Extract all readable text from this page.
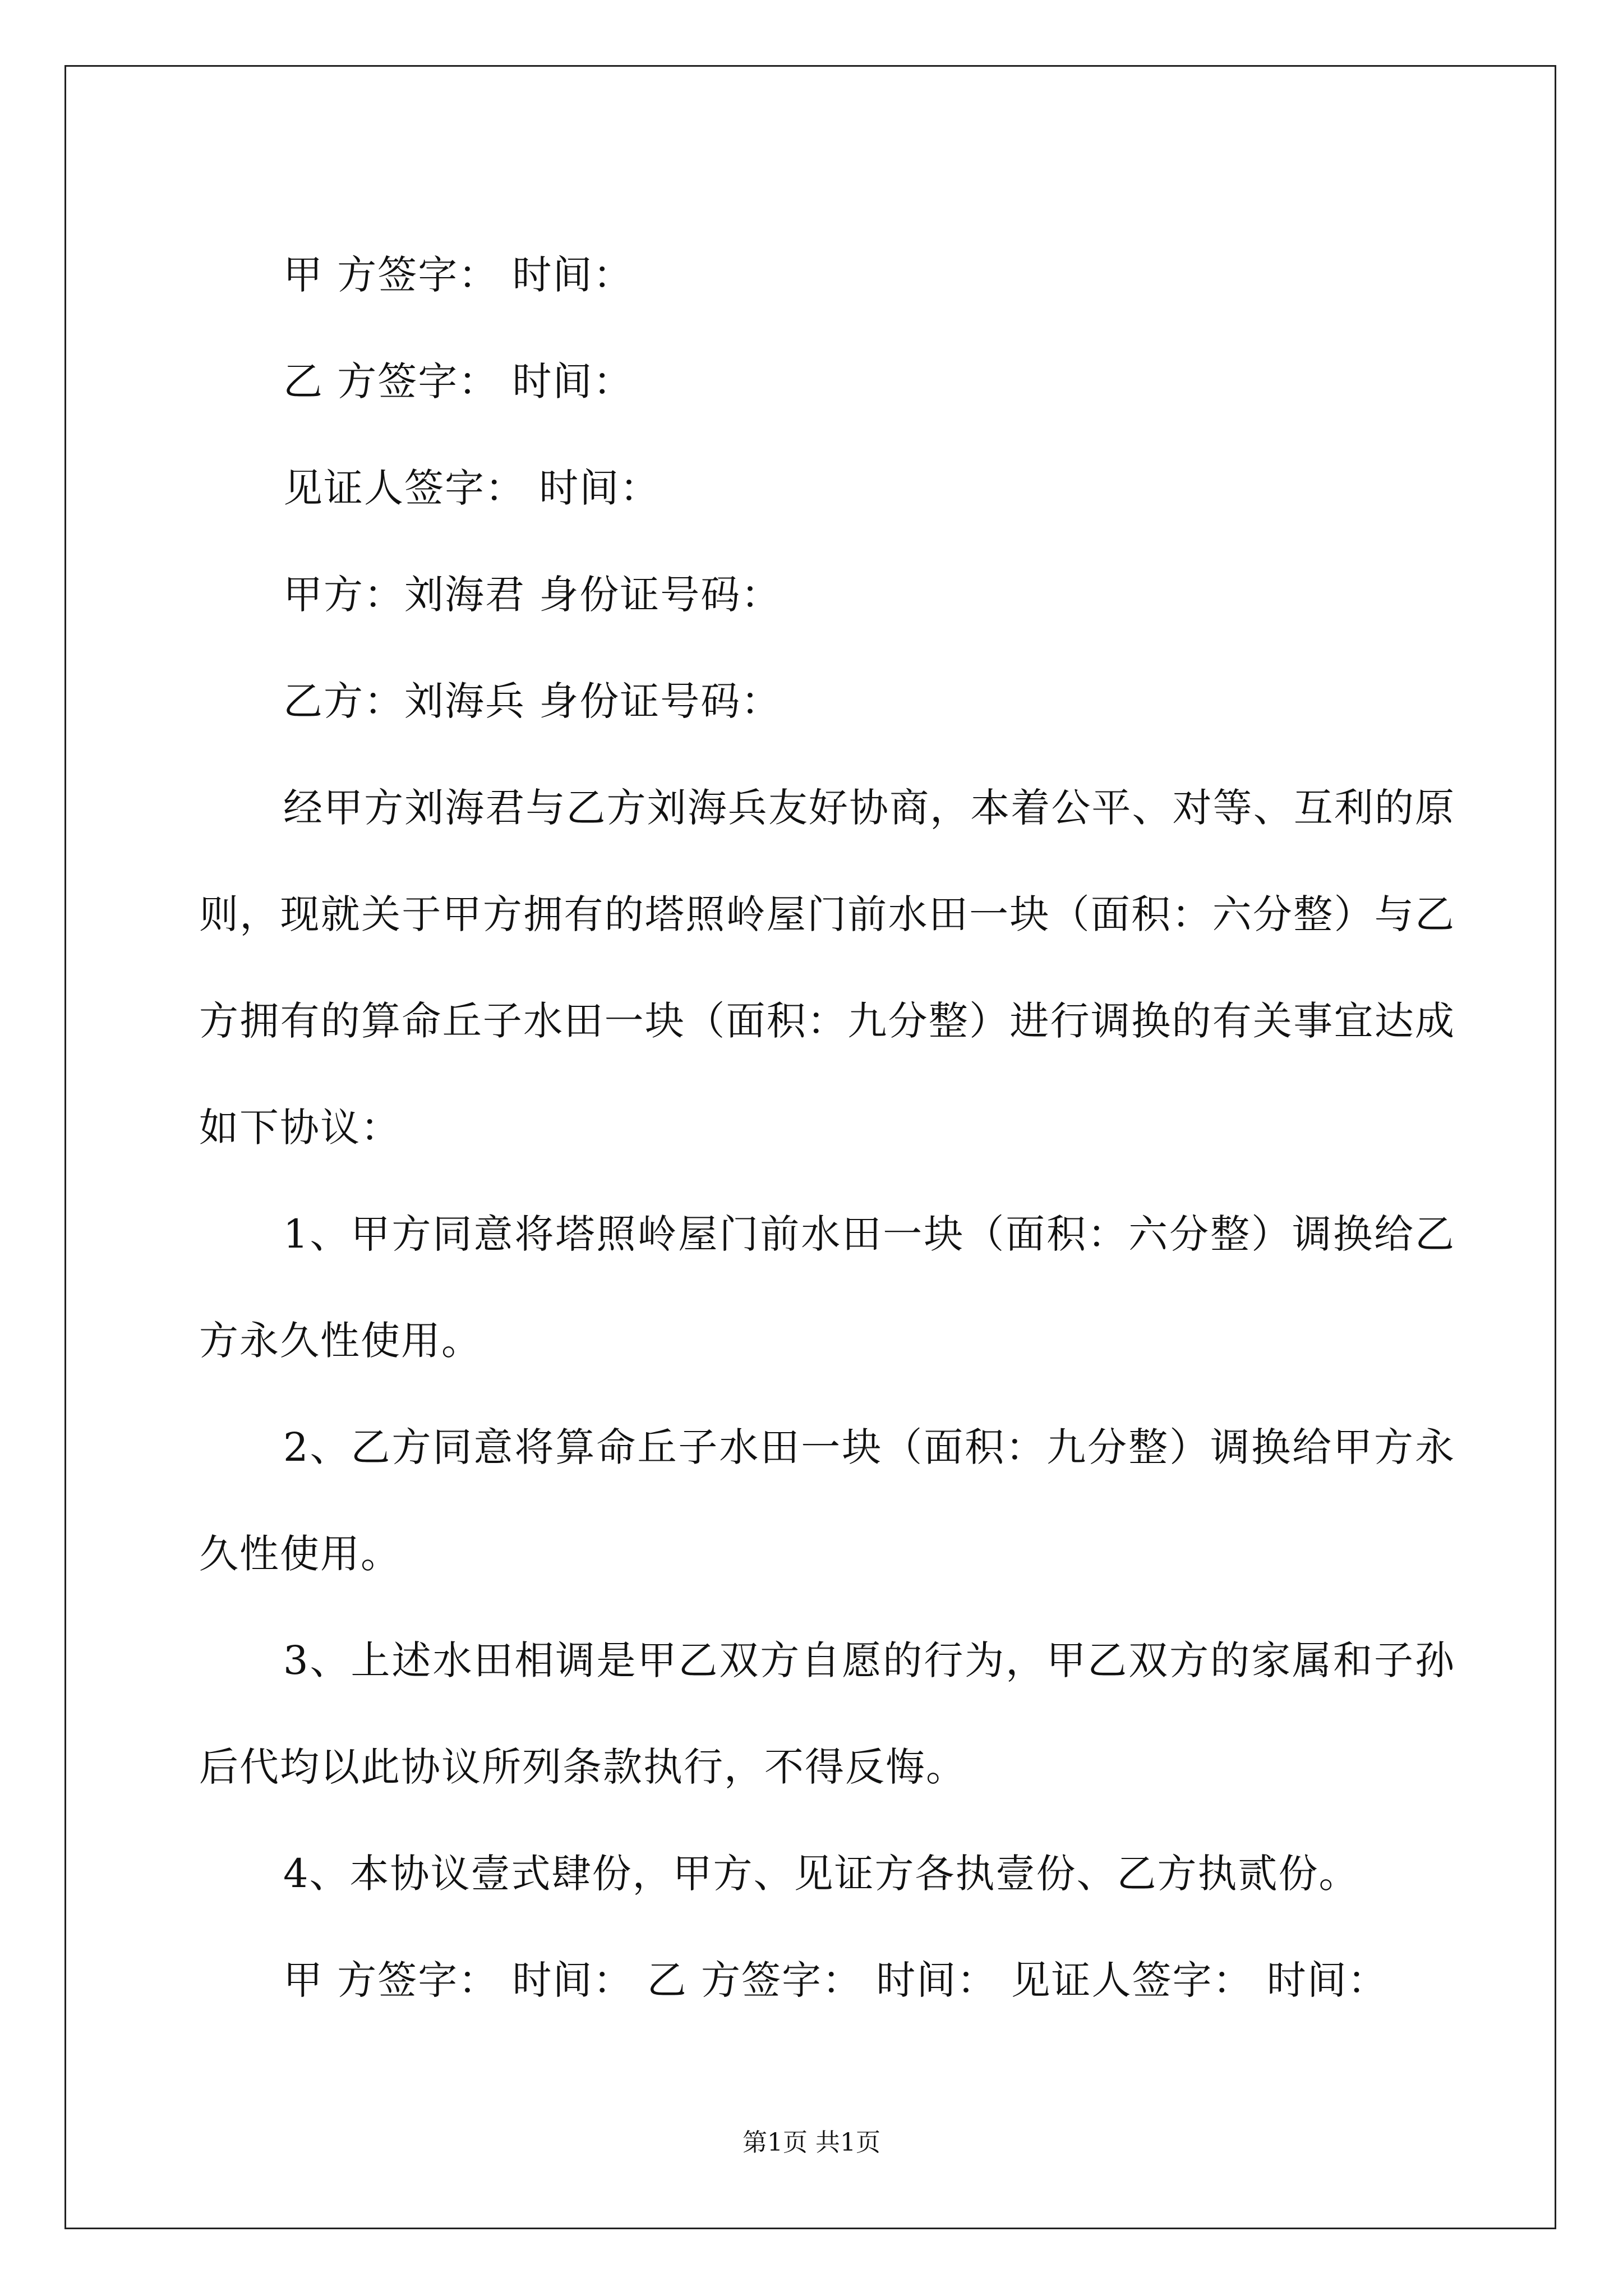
甲 方签字： 时间：
乙 方签字： 时间：
见证人签字： 时间：
甲方：刘海君 身份证号码：
乙方：刘海兵 身份证号码：

经甲方刘海君与乙方刘海兵友好协商，本着公平、对等、互利的原则，现就关于甲方拥有的塔照岭屋门前水田一块（面积：六分整）与乙方拥有的算命丘子水田一块（面积：九分整）进行调换的有关事宜达成如下协议：

1、甲方同意将塔照岭屋门前水田一块（面积：六分整）调换给乙方永久性使用。

2、乙方同意将算命丘子水田一块（面积：九分整）调换给甲方永久性使用。

3、上述水田相调是甲乙双方自愿的行为，甲乙双方的家属和子孙后代均以此协议所列条款执行，不得反悔。

4、本协议壹式肆份，甲方、见证方各执壹份、乙方执贰份。

甲 方签字： 时间： 乙 方签字： 时间： 见证人签字： 时间：

第1页 共1页
